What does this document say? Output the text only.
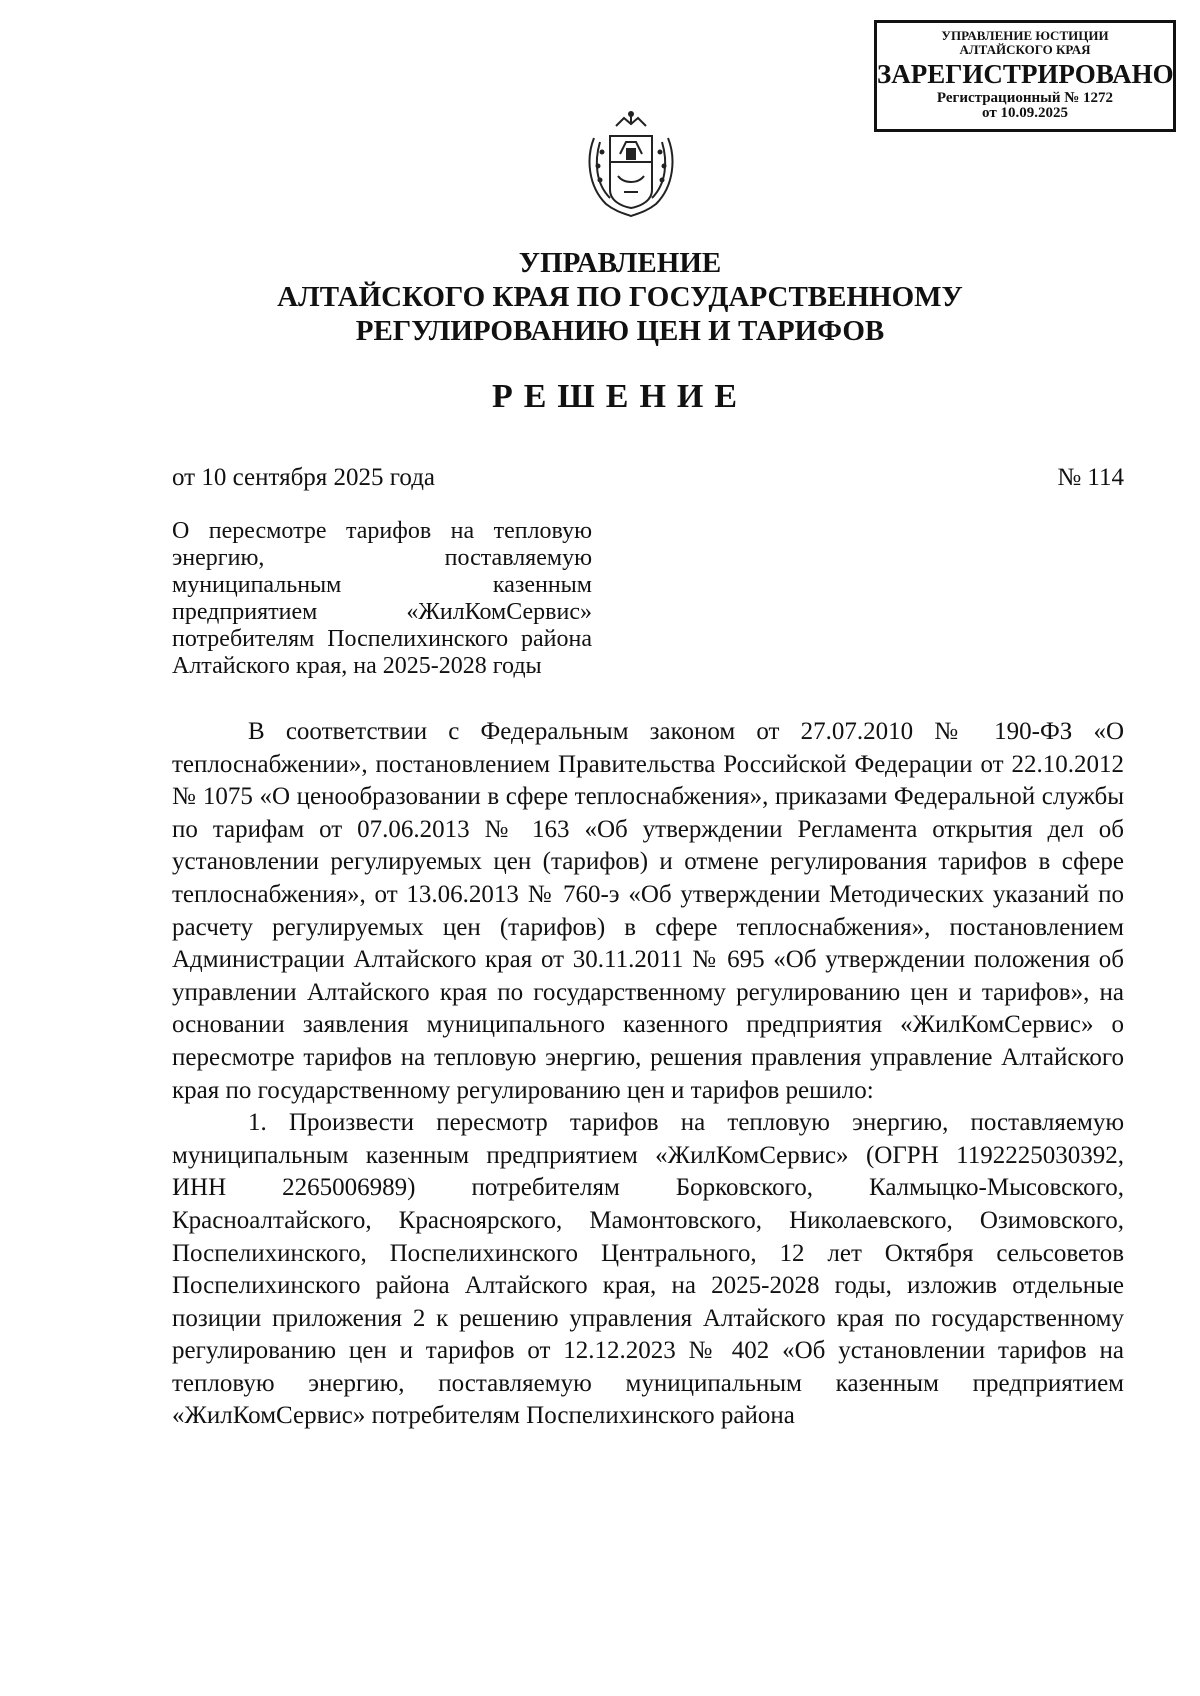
УПРАВЛЕНИЕ ЮСТИЦИИ
АЛТАЙСКОГО КРАЯ
ЗАРЕГИСТРИРОВАНО
Регистрационный № 1272
от 10.09.2025
УПРАВЛЕНИЕ
АЛТАЙСКОГО КРАЯ ПО ГОСУДАРСТВЕННОМУ
РЕГУЛИРОВАНИЮ ЦЕН И ТАРИФОВ
РЕШЕНИЕ
от 10 сентября 2025 года	№ 114
О пересмотре тарифов на тепловую энергию, поставляемую муниципальным казенным предприятием «ЖилКомСервис» потребителям Поспелихинского района Алтайского края, на 2025-2028 годы

В соответствии с Федеральным законом от 27.07.2010 № 190-ФЗ «О теплоснабжении», постановлением Правительства Российской Федерации от 22.10.2012 № 1075 «О ценообразовании в сфере теплоснабжения», приказами Федеральной службы по тарифам от 07.06.2013 № 163 «Об утверждении Регламента открытия дел об установлении регулируемых цен (тарифов) и отмене регулирования тарифов в сфере теплоснабжения», от 13.06.2013 № 760-э «Об утверждении Методических указаний по расчету регулируемых цен (тарифов) в сфере теплоснабжения», постановлением Администрации Алтайского края от 30.11.2011 № 695 «Об утверждении положения об управлении Алтайского края по государственному регулированию цен и тарифов», на основании заявления муниципального казенного предприятия «ЖилКомСервис» о пересмотре тарифов на тепловую энергию, решения правления управление Алтайского края по государственному регулированию цен и тарифов решило:

1. Произвести пересмотр тарифов на тепловую энергию, поставляемую муниципальным казенным предприятием «ЖилКомСервис» (ОГРН 1192225030392, ИНН 2265006989) потребителям Борковского, Калмыцко-Мысовского, Красноалтайского, Красноярского, Мамонтовского, Николаевского, Озимовского, Поспелихинского, Поспелихинского Центрального, 12 лет Октября сельсоветов Поспелихинского района Алтайского края, на 2025-2028 годы, изложив отдельные позиции приложения 2 к решению управления Алтайского края по государственному регулированию цен и тарифов от 12.12.2023 № 402 «Об установлении тарифов на тепловую энергию, поставляемую муниципальным казенным предприятием «ЖилКомСервис» потребителям Поспелихинского района
